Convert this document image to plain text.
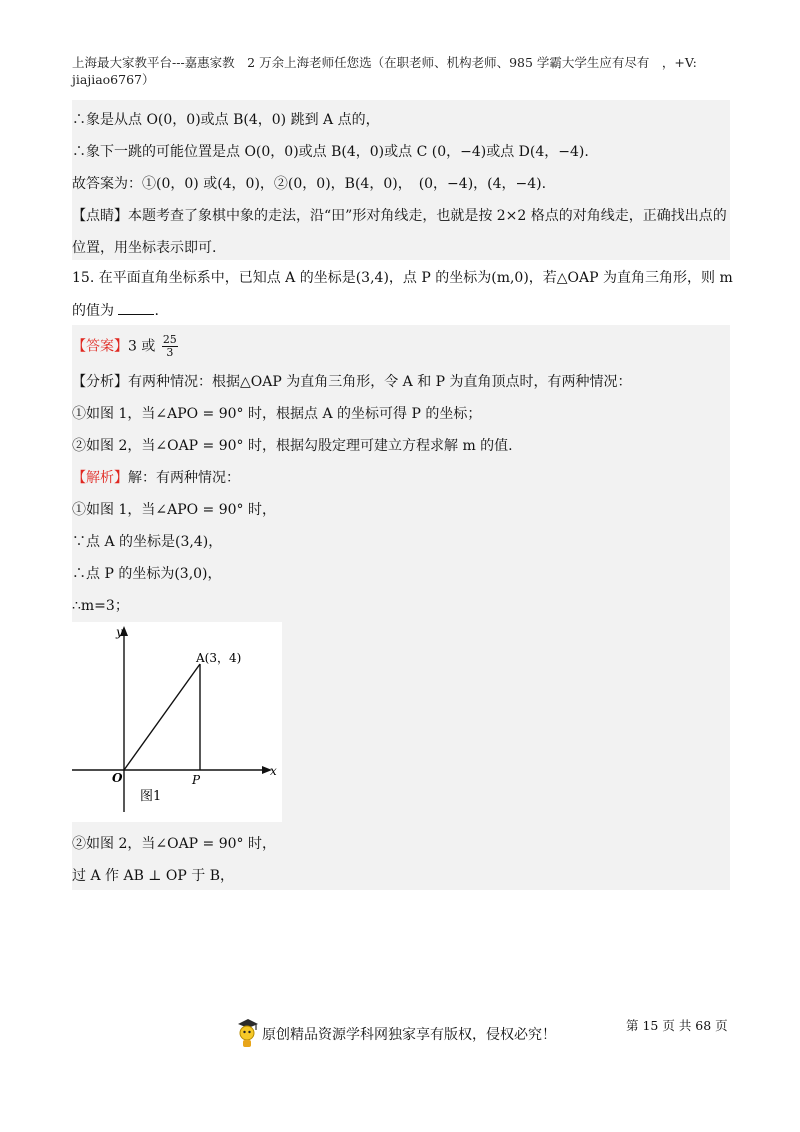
上海最大家教平台---嘉惠家教　2 万余上海老师任您选（在职老师、机构老师、985 学霸大学生应有尽有　，+V:
jiajiao6767）
∴象是从点 O(0，0)或点 B(4，0) 跳到 A 点的，
∴象下一跳的可能位置是点 O(0，0)或点 B(4，0)或点 C (0，−4)或点 D(4，−4).
故答案为：①(0，0) 或(4，0)，②(0，0)，B(4，0)，　(0，−4)，(4，−4).
【点睛】本题考查了象棋中象的走法，沿“田”形对角线走，也就是按 2×2 格点的对角线走，正确找出点的
位置，用坐标表示即可.
15. 在平面直角坐标系中，已知点 A 的坐标是(3,4)，点 P 的坐标为(m,0)，若△OAP 为直角三角形，则 m
的值为	.
【答案】3 或 $\frac{25}{3}$
【分析】有两种情况：根据△OAP 为直角三角形，令 A 和 P 为直角顶点时，有两种情况：
①如图 1，当∠APO = 90° 时，根据点 A 的坐标可得 P 的坐标；
②如图 2，当∠OAP = 90° 时，根据勾股定理可建立方程求解 m 的值.
【解析】解：有两种情况：
①如图 1，当∠APO = 90° 时，
∵点 A 的坐标是(3,4)，
∴点 P 的坐标为(3,0)，
∴m=3；
y
x
O	P
A(3，4)
图1
②如图 2，当∠OAP = 90° 时，
过 A 作 AB ⊥ OP 于 B，
原创精品资源学科网独家享有版权，侵权必究！
第 15 页 共 68 页
